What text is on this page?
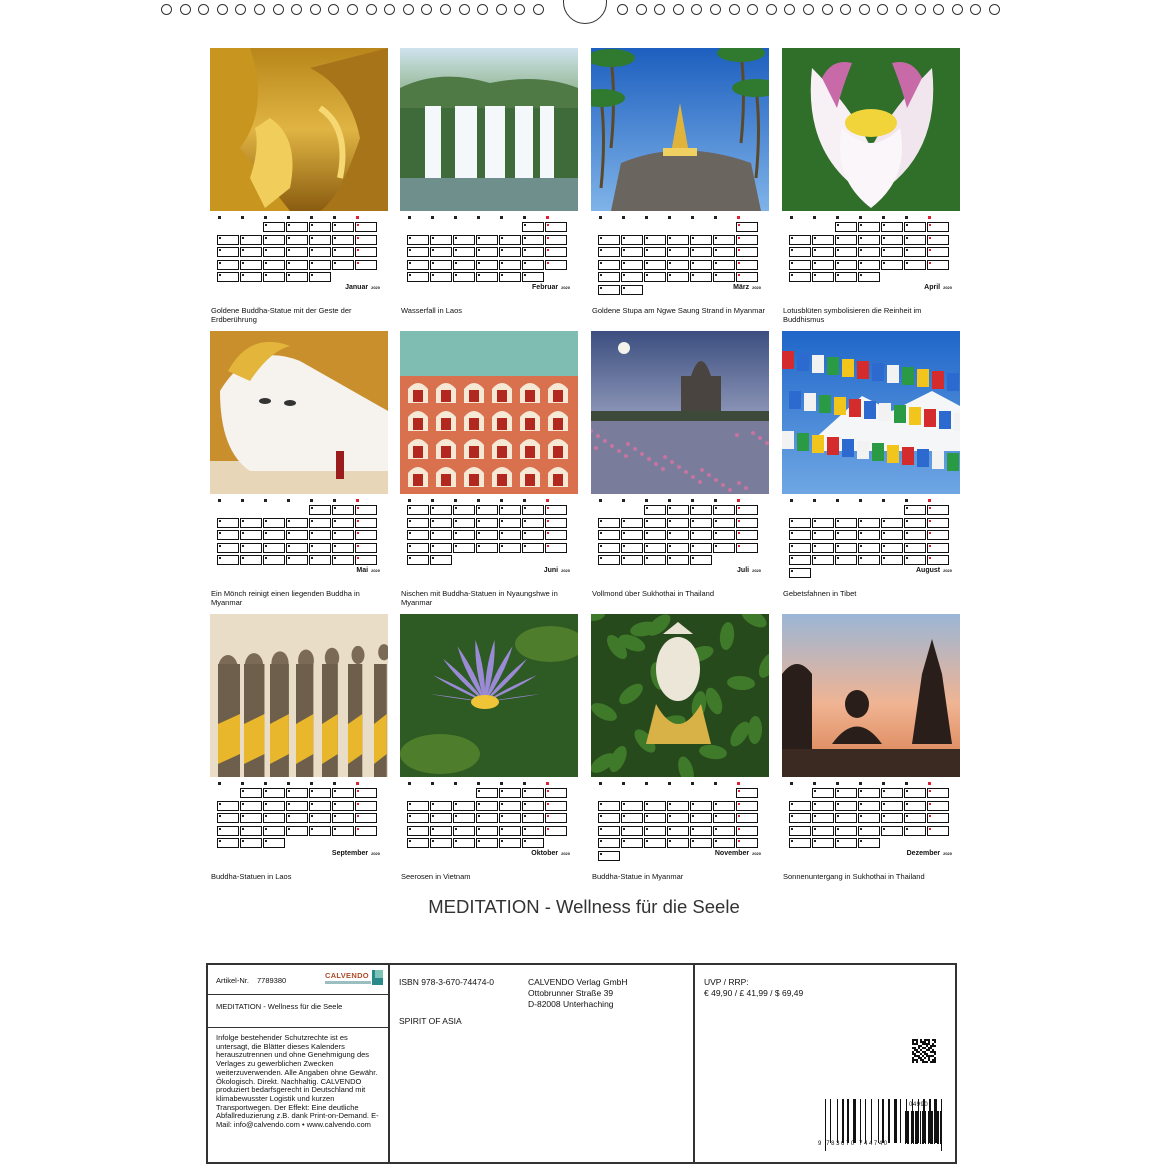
Januar 2020
Goldene Buddha-Statue mit der Geste der Erdberührung
Februar 2020
Wasserfall in Laos
März 2020
Goldene Stupa am Ngwe Saung Strand in Myanmar
April 2020
Lotusblüten symbolisieren die Reinheit im Buddhismus
Mai 2020
Ein Mönch reinigt einen liegenden Buddha in Myanmar
Juni 2020
Nischen mit Buddha-Statuen in Nyaungshwe in Myanmar
Juli 2020
Vollmond über Sukhothai in Thailand
August 2020
Gebetsfahnen in Tibet
September 2020
Buddha-Statuen in Laos
Oktober 2020
Seerosen in Vietnam
November 2020
Buddha-Statue in Myanmar
Dezember 2020
Sonnenuntergang in Sukhothai in Thailand
MEDITATION - Wellness für die Seele
Artikel-Nr. 7789380
CALVENDO
MEDITATION - Wellness für die Seele
Infolge bestehender Schutzrechte ist es untersagt, die Blätter dieses Kalenders herauszutrennen und ohne Genehmigung des Verlages zu gewerblichen Zwecken weiterzuverwenden. Alle Angaben ohne Gewähr. Ökologisch. Direkt. Nachhaltig. CALVENDO produziert bedarfsgerecht in Deutschland mit klimabewusster Logistik und kurzen Transportwegen. Der Effekt: Eine deutliche Abfallreduzierung z.B. dank Print-on-Demand. E-Mail: info@calvendo.com • www.calvendo.com
ISBN 978-3-670-74474-0	CALVENDO Verlag GmbH
Ottobrunner Straße 39
D-82008 Unterhaching
SPIRIT OF ASIA
UVP / RRP:
€ 49,90 / £ 41,99 / $ 69,49
9 783670 744740
04990
